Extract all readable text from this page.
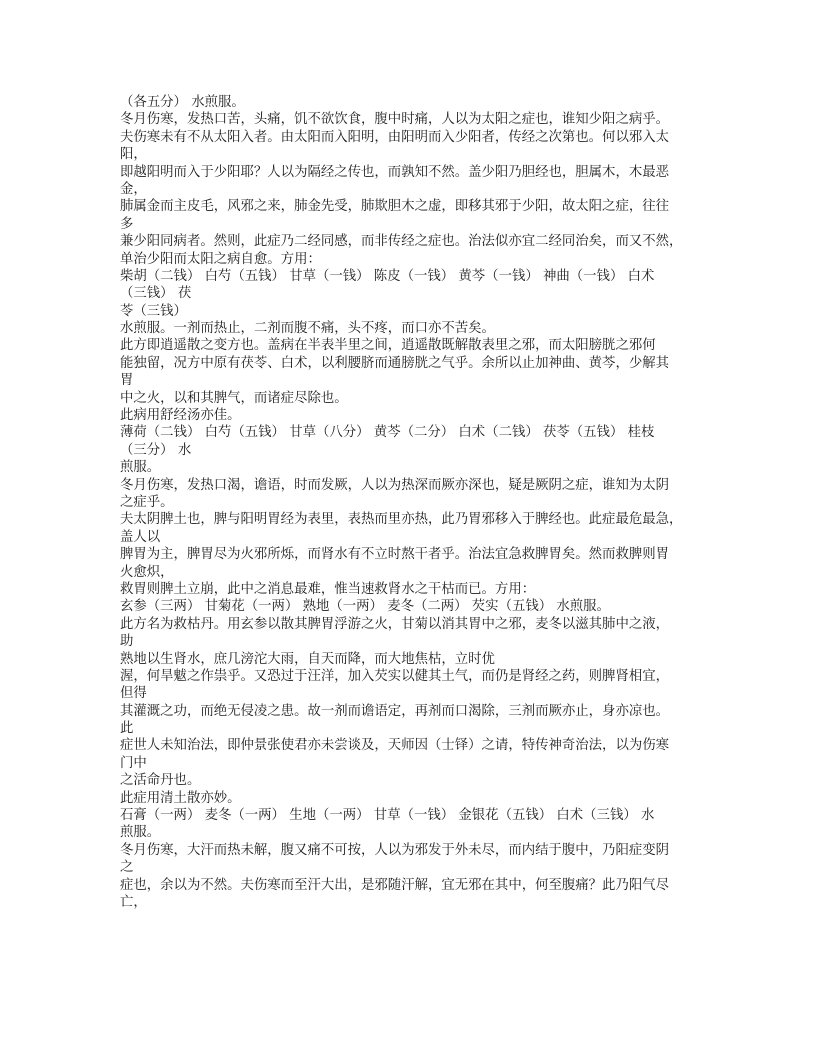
（各五分） 水煎服。
冬月伤寒，发热口苦，头痛，饥不欲饮食，腹中时痛，人以为太阳之症也，谁知少阳之病乎。
夫伤寒未有不从太阳入者。由太阳而入阳明，由阳明而入少阳者，传经之次第也。何以邪入太
阳，
即越阳明而入于少阳耶？人以为隔经之传也，而孰知不然。盖少阳乃胆经也，胆属木，木最恶
金，
肺属金而主皮毛，风邪之来，肺金先受，肺欺胆木之虚，即移其邪于少阳，故太阳之症，往往
多
兼少阳同病者。然则，此症乃二经同感，而非传经之症也。治法似亦宜二经同治矣，而又不然，
单治少阳而太阳之病自愈。方用：
柴胡（二钱） 白芍（五钱） 甘草（一钱） 陈皮（一钱） 黄芩（一钱） 神曲（一钱） 白术
（三钱） 茯
苓（三钱）
水煎服。一剂而热止，二剂而腹不痛，头不疼，而口亦不苦矣。
此方即逍遥散之变方也。盖病在半表半里之间，逍遥散既解散表里之邪，而太阳膀胱之邪何
能独留，况方中原有茯苓、白术，以利腰脐而通膀胱之气乎。余所以止加神曲、黄芩，少解其
胃
中之火，以和其脾气，而诸症尽除也。
此病用舒经汤亦佳。
薄荷（二钱） 白芍（五钱） 甘草（八分） 黄芩（二分） 白术（二钱） 茯苓（五钱） 桂枝
（三分） 水
煎服。
冬月伤寒，发热口渴，谵语，时而发厥，人以为热深而厥亦深也，疑是厥阴之症，谁知为太阴
之症乎。
夫太阴脾土也，脾与阳明胃经为表里，表热而里亦热，此乃胃邪移入于脾经也。此症最危最急，
盖人以
脾胃为主，脾胃尽为火邪所烁，而肾水有不立时熬干者乎。治法宜急救脾胃矣。然而救脾则胃
火愈炽，
救胃则脾土立崩，此中之消息最难，惟当速救肾水之干枯而已。方用：
玄参（三两） 甘菊花（一两） 熟地（一两） 麦冬（二两） 芡实（五钱） 水煎服。
此方名为救枯丹。用玄参以散其脾胃浮游之火，甘菊以消其胃中之邪，麦冬以滋其肺中之液，
助
熟地以生肾水，庶几滂沱大雨，自天而降，而大地焦枯，立时优
渥，何旱魃之作祟乎。又恐过于汪洋，加入芡实以健其土气，而仍是肾经之药，则脾肾相宜，
但得
其灌溉之功，而绝无侵凌之患。故一剂而谵语定，再剂而口渴除，三剂而厥亦止，身亦凉也。
此
症世人未知治法，即仲景张使君亦未尝谈及，天师因（士铎）之请，特传神奇治法，以为伤寒
门中
之活命丹也。
此症用清土散亦妙。
石膏（一两） 麦冬（一两） 生地（一两） 甘草（一钱） 金银花（五钱） 白术（三钱） 水
煎服。
冬月伤寒，大汗而热未解，腹又痛不可按，人以为邪发于外未尽，而内结于腹中，乃阳症变阴
之
症也，余以为不然。夫伤寒而至汗大出，是邪随汗解，宜无邪在其中，何至腹痛？此乃阳气尽
亡，
